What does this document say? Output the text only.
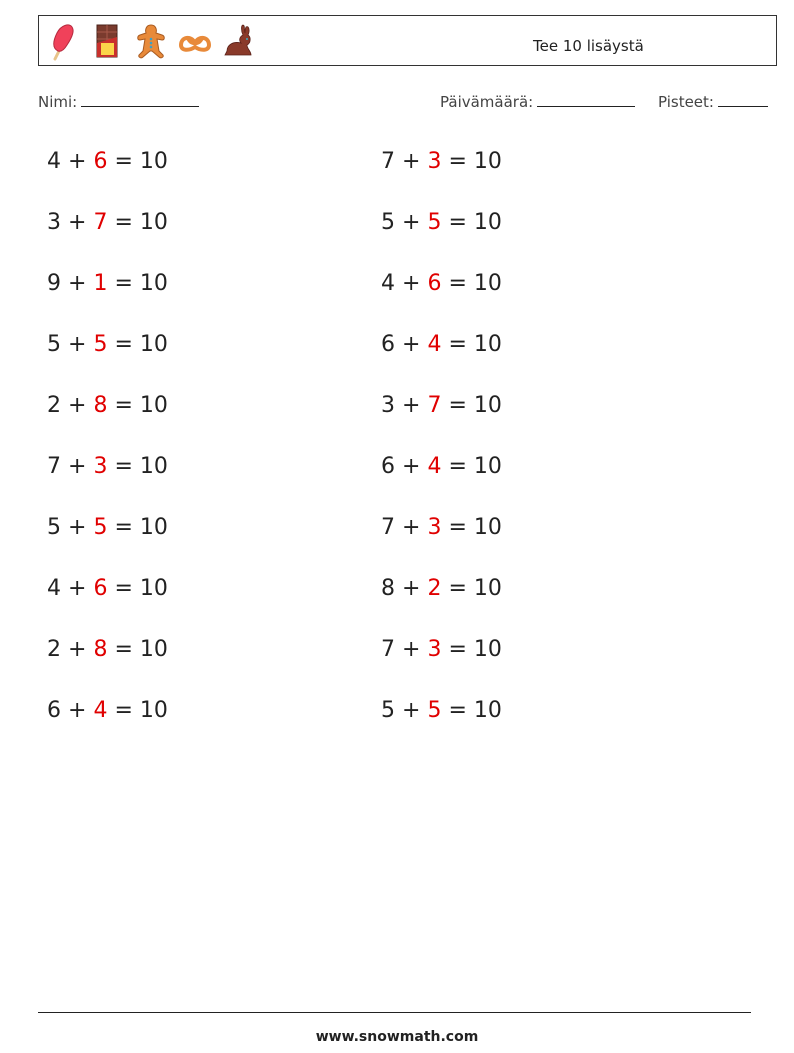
Tee 10 lisäystä
Nimi:	Päivämäärä:	Pisteet:
4 + 6 = 10
3 + 7 = 10
9 + 1 = 10
5 + 5 = 10
2 + 8 = 10
7 + 3 = 10
5 + 5 = 10
4 + 6 = 10
2 + 8 = 10
6 + 4 = 10
7 + 3 = 10
5 + 5 = 10
4 + 6 = 10
6 + 4 = 10
3 + 7 = 10
6 + 4 = 10
7 + 3 = 10
8 + 2 = 10
7 + 3 = 10
5 + 5 = 10
www.snowmath.com
